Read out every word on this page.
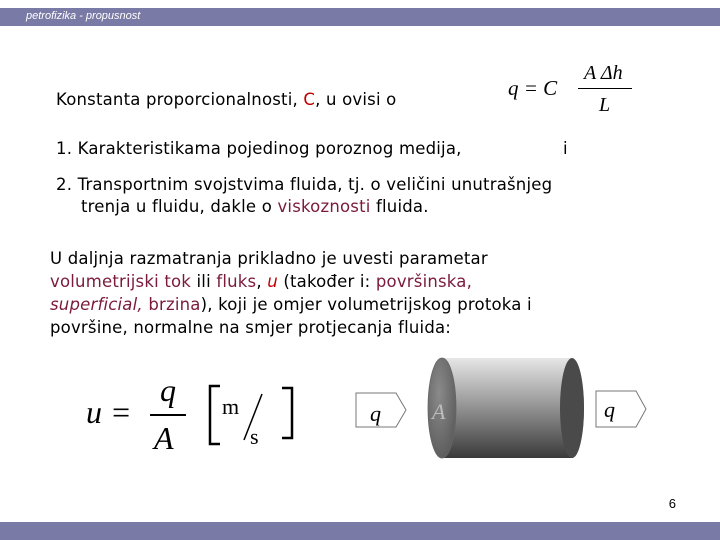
petrofizika - propusnost
Konstanta proporcionalnosti, C, u ovisi o	q = C
A Δh
L
1. Karakteristikama pojedinog poroznog medija,	i
2. Transportnim svojstvima fluida, tj. o veličini unutrašnjeg
trenja u fluidu, dakle o viskoznosti fluida.
U daljnja razmatranja prikladno je uvesti parametar
volumetrijski tok ili fluks, u (također i: površinska,
superficial, brzina), koji je omjer volumetrijskog protoka i
površine, normalne na smjer protjecanja fluida:
u =
q
A
m
s
q A	q
6
